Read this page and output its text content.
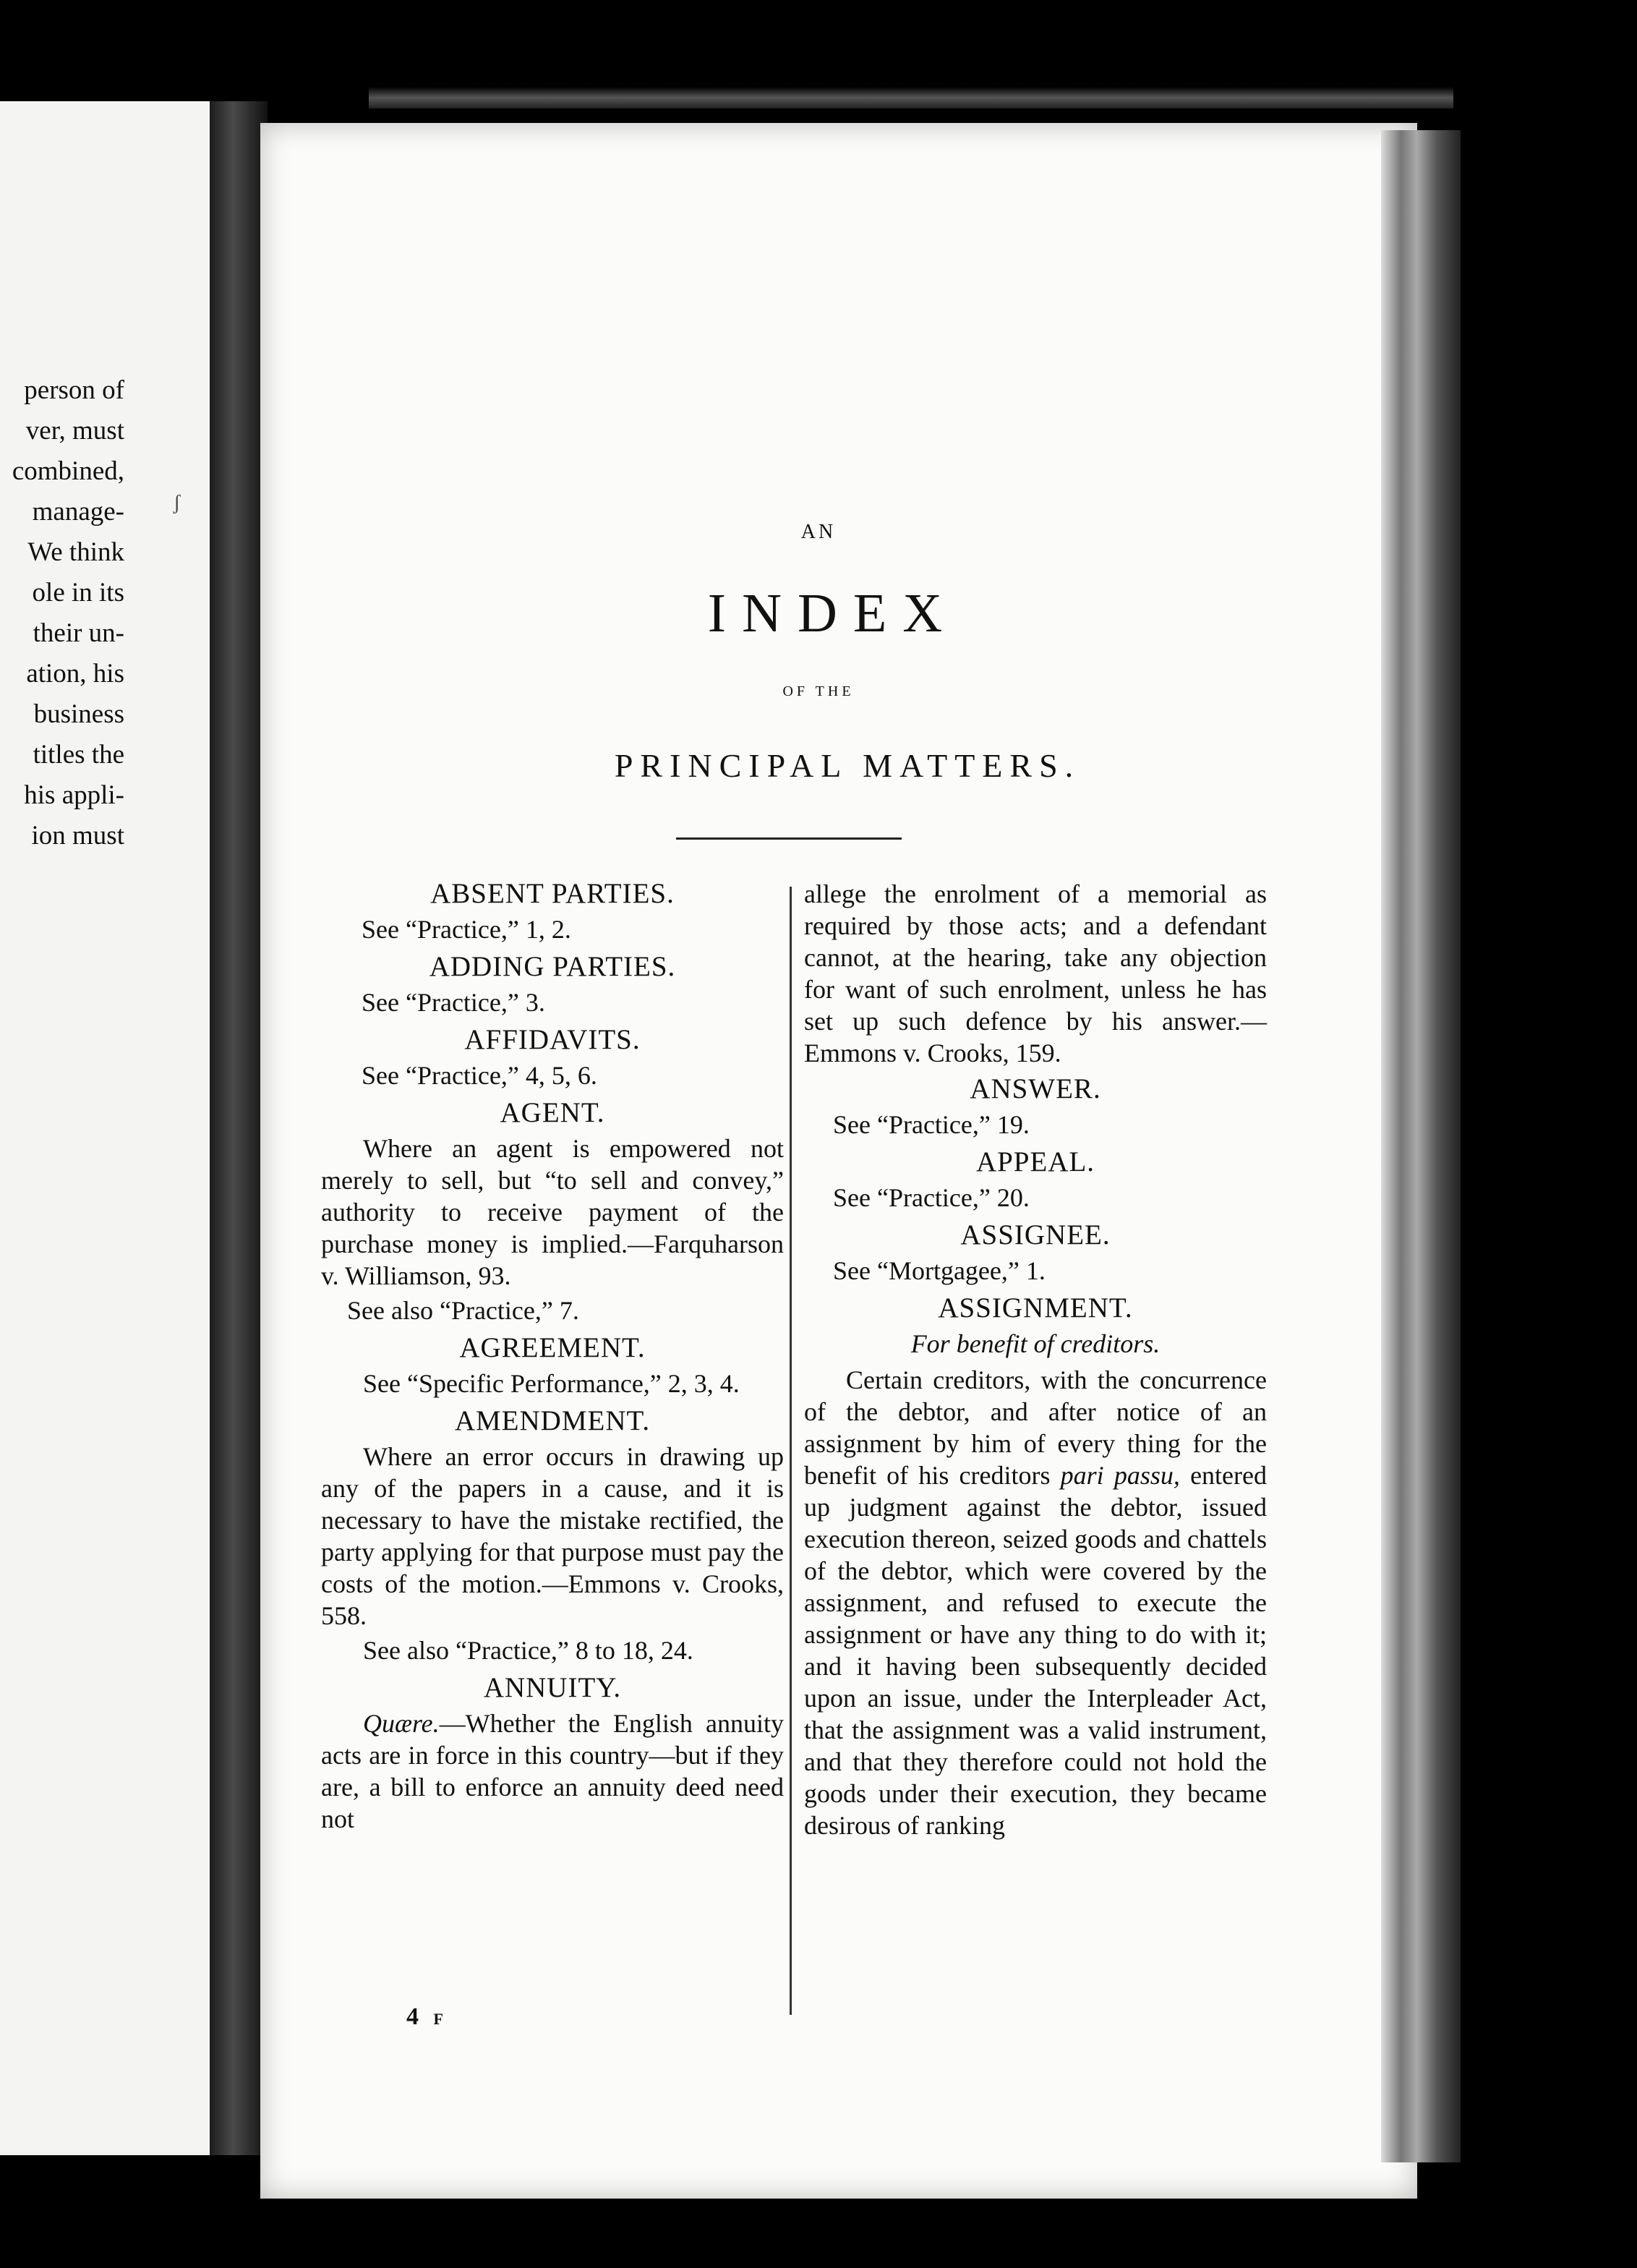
person of
ver, must
combined,
manage-
We think
ole in its
their un-
ation, his
business
titles the
his appli-
ion must
AN
INDEX
OF THE
PRINCIPAL MATTERS.
ABSENT PARTIES.
See “Practice,” 1, 2.
ADDING PARTIES.
See “Practice,” 3.
AFFIDAVITS.
See “Practice,” 4, 5, 6.
AGENT.
Where an agent is empowered not merely to sell, but “to sell and convey,” authority to receive payment of the purchase money is implied.—Farquharson v. Williamson, 93.
See also “Practice,” 7.
AGREEMENT.
See “Specific Performance,” 2, 3, 4.
AMENDMENT.
Where an error occurs in drawing up any of the papers in a cause, and it is necessary to have the mistake rectified, the party applying for that purpose must pay the costs of the motion.—Emmons v. Crooks, 558.
See also “Practice,” 8 to 18, 24.
ANNUITY.
Quære.—Whether the English annuity acts are in force in this country—but if they are, a bill to enforce an annuity deed need not
allege the enrolment of a memorial as required by those acts; and a defendant cannot, at the hearing, take any objection for want of such enrolment, unless he has set up such defence by his answer.—Emmons v. Crooks, 159.
ANSWER.
See “Practice,” 19.
APPEAL.
See “Practice,” 20.
ASSIGNEE.
See “Mortgagee,” 1.
ASSIGNMENT.
For benefit of creditors.
Certain creditors, with the concurrence of the debtor, and after notice of an assignment by him of every thing for the benefit of his creditors pari passu, entered up judgment against the debtor, issued execution thereon, seized goods and chattels of the debtor, which were covered by the assignment, and refused to execute the assignment or have any thing to do with it; and it having been subsequently decided upon an issue, under the Interpleader Act, that the assignment was a valid instrument, and that they therefore could not hold the goods under their execution, they became desirous of ranking
4 F
ʃ
